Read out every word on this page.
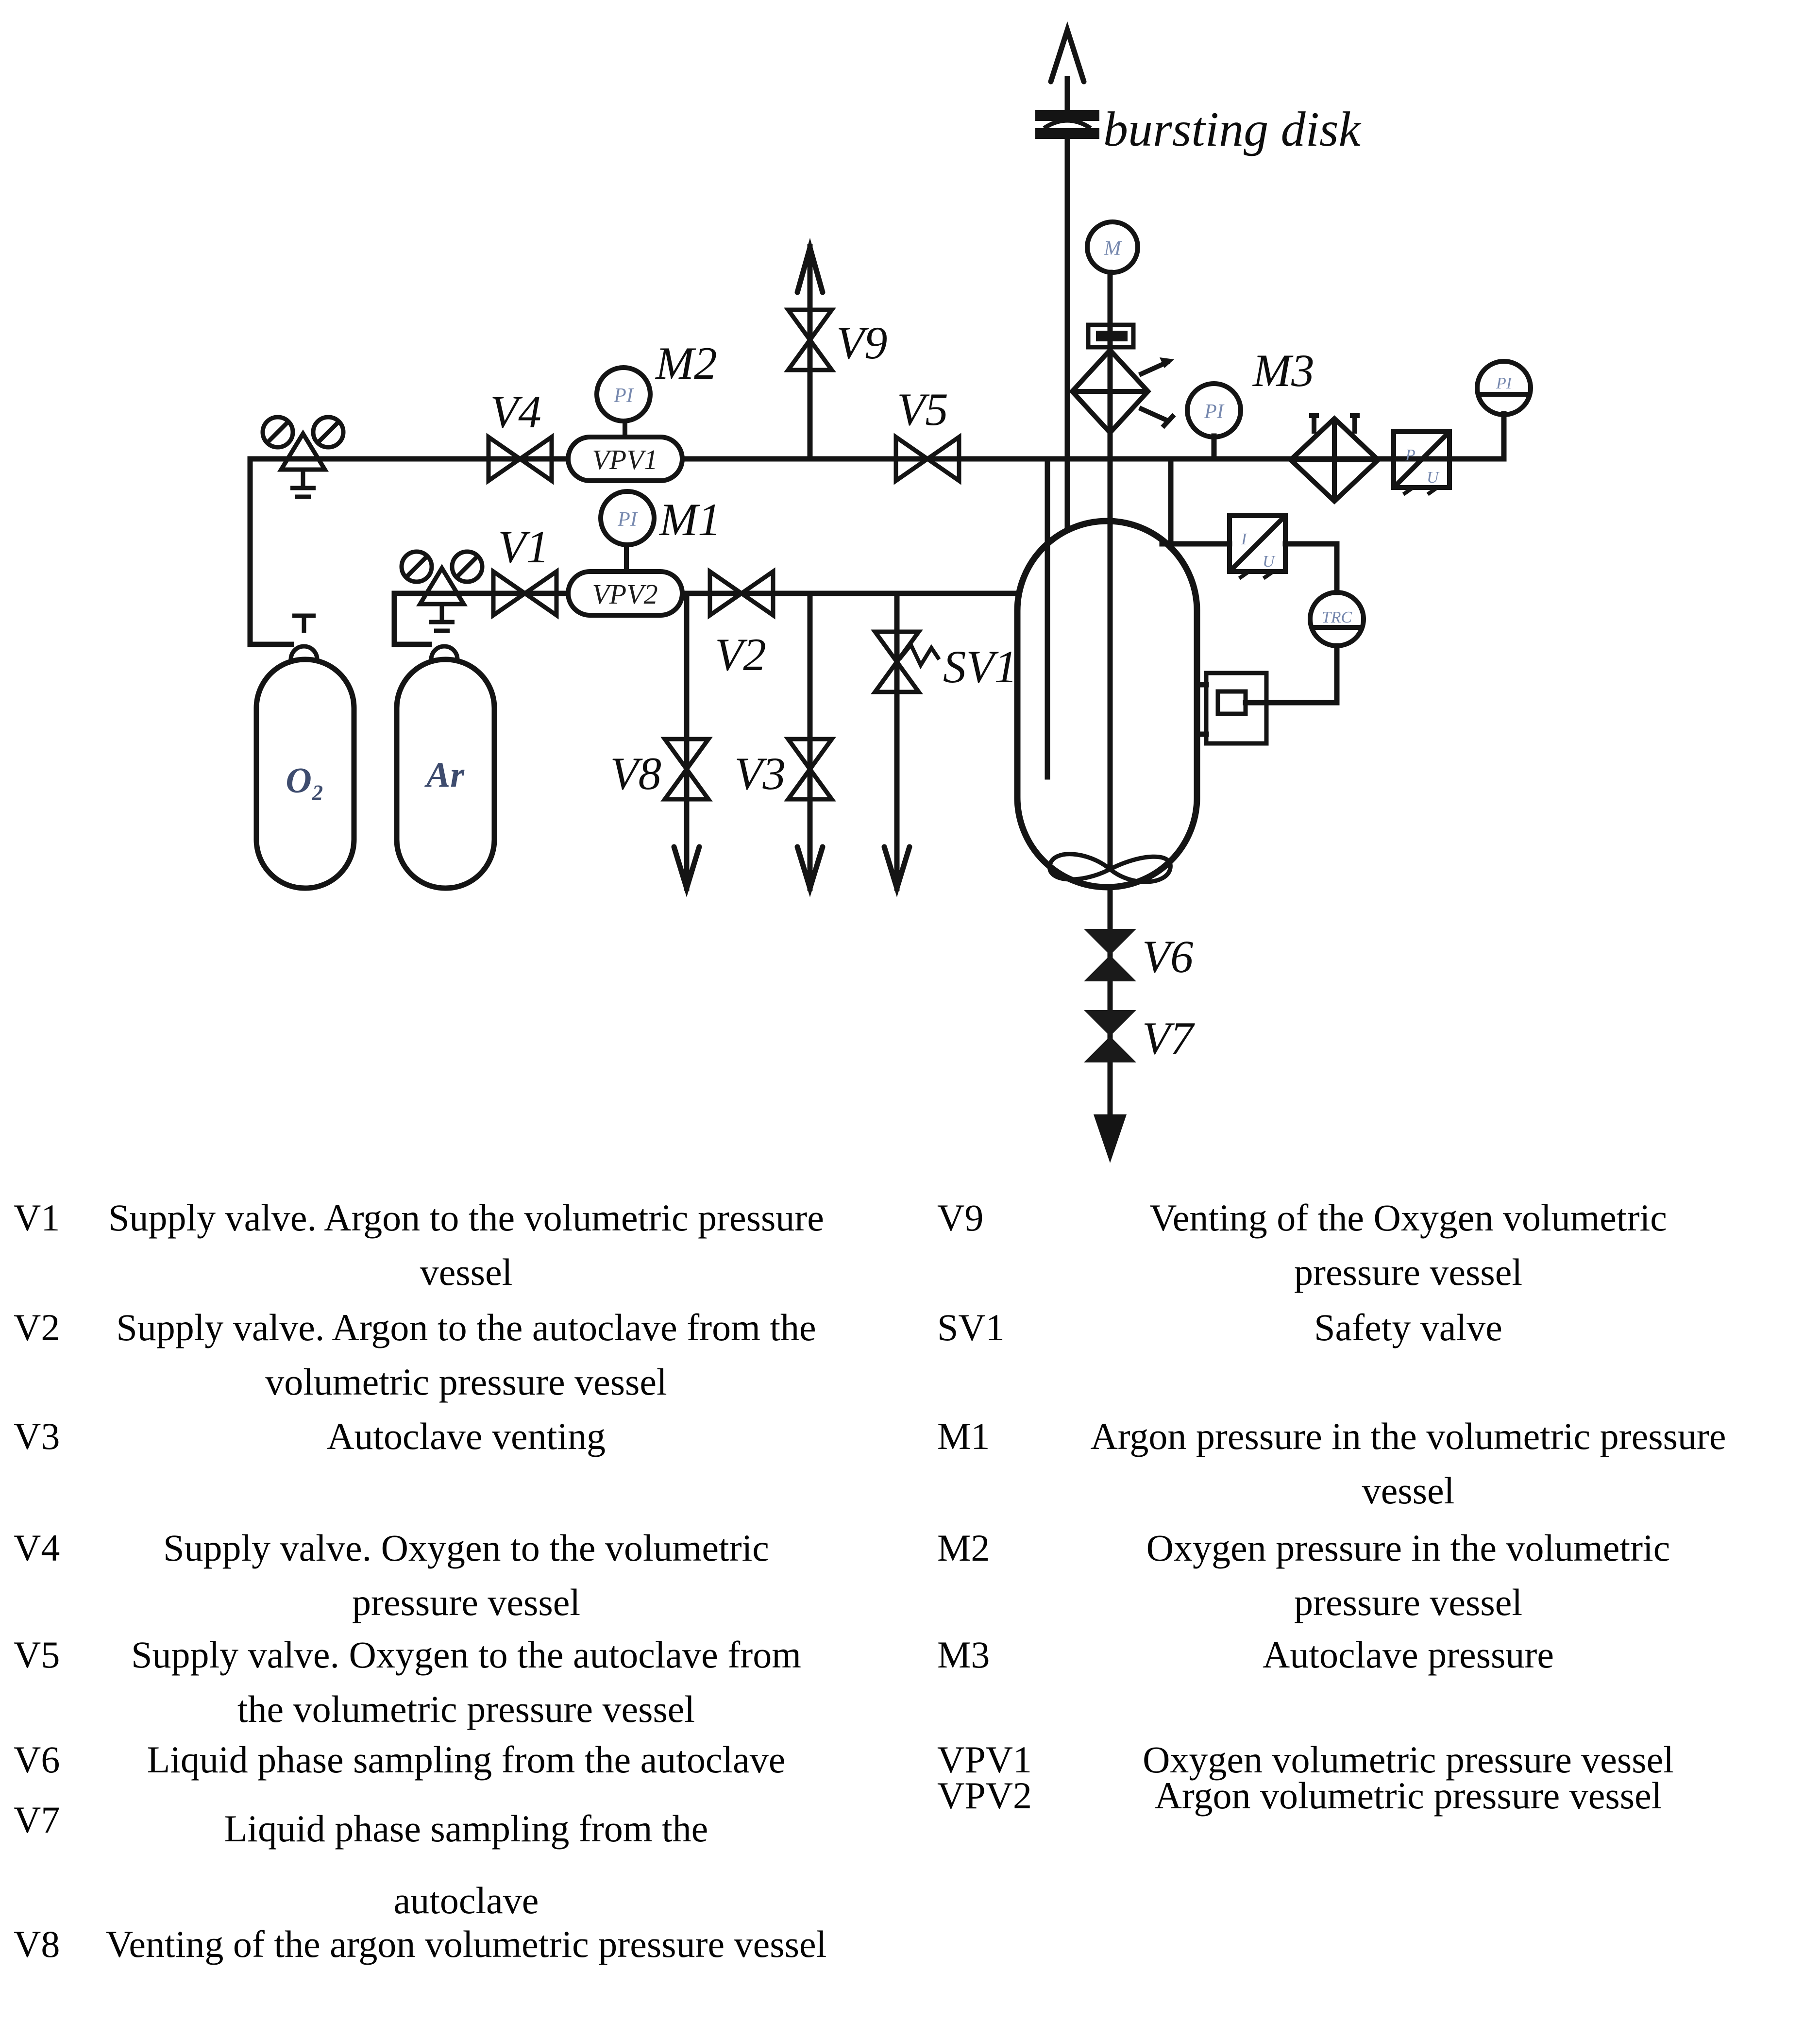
bursting disk
M
O₂	Ar
VPV1
VPV2
PI
PI
PI
PI
P
U
I
U
TRC
V4	V5
V1
V2
V9
V8 V3
SV1
V6
V7
M2
M1
M3
V1	Supply valve. Argon to the volumetric pressure vessel
V2	Supply valve. Argon to the autoclave from the volumetric pressure vessel
V3	Autoclave venting
V4	Supply valve. Oxygen to the volumetric pressure vessel
V5	Supply valve. Oxygen to the autoclave from the volumetric pressure vessel
V6	Liquid phase sampling from the autoclave
V7	Liquid phase sampling from the autoclave
V8 Venting of the argon volumetric pressure vessel
V9	Venting of the Oxygen volumetric pressure vessel
SV1	Safety valve
M1	Argon pressure in the volumetric pressure vessel
M2	Oxygen pressure in the volumetric pressure vessel
M3	Autoclave pressure
VPV1	Oxygen volumetric pressure vessel
VPV2	Argon volumetric pressure vessel
